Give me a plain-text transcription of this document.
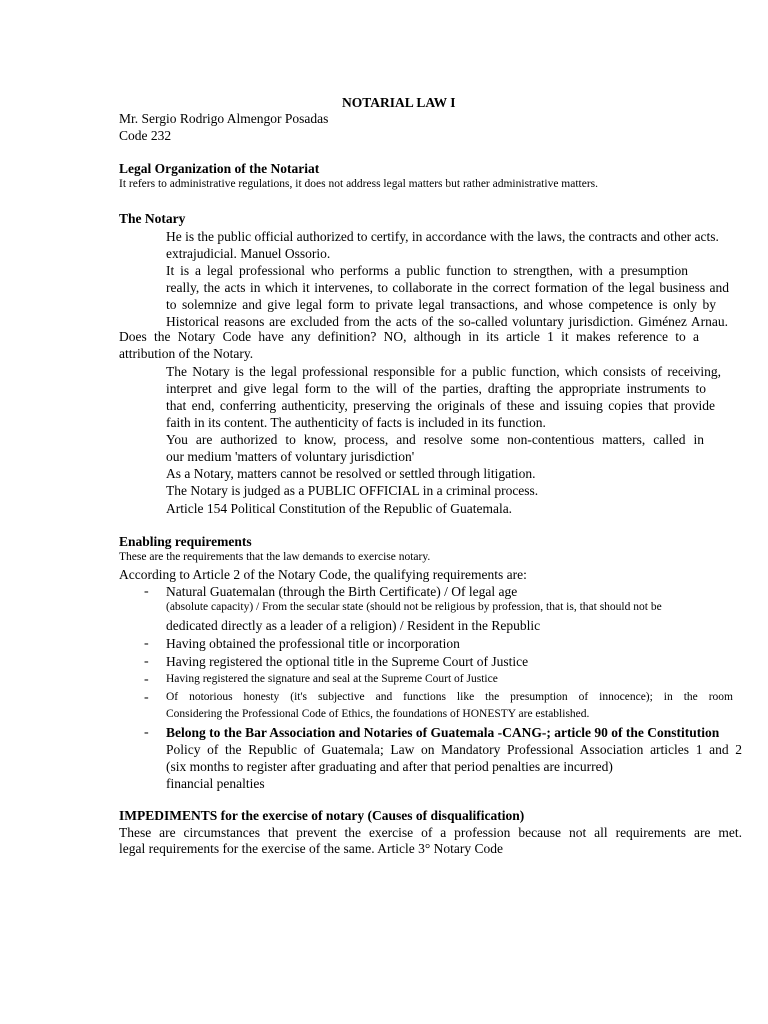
NOTARIAL LAW I
Mr. Sergio Rodrigo Almengor Posadas
Code 232
Legal Organization of the Notariat
It refers to administrative regulations, it does not address legal matters but rather administrative matters.
The Notary
He is the public official authorized to certify, in accordance with the laws, the contracts and other acts.
extrajudicial. Manuel Ossorio.
It is a legal professional who performs a public function to strengthen, with a presumption
really, the acts in which it intervenes, to collaborate in the correct formation of the legal business and
to solemnize and give legal form to private legal transactions, and whose competence is only by
Historical reasons are excluded from the acts of the so-called voluntary jurisdiction. Giménez Arnau.
Does the Notary Code have any definition? NO, although in its article 1 it makes reference to a
attribution of the Notary.
The Notary is the legal professional responsible for a public function, which consists of receiving,
interpret and give legal form to the will of the parties, drafting the appropriate instruments to
that end, conferring authenticity, preserving the originals of these and issuing copies that provide
faith in its content. The authenticity of facts is included in its function.
You are authorized to know, process, and resolve some non-contentious matters, called in
our medium 'matters of voluntary jurisdiction'
As a Notary, matters cannot be resolved or settled through litigation.
The Notary is judged as a PUBLIC OFFICIAL in a criminal process.
Article 154 Political Constitution of the Republic of Guatemala.
Enabling requirements
These are the requirements that the law demands to exercise notary.
According to Article 2 of the Notary Code, the qualifying requirements are:
- Natural Guatemalan (through the Birth Certificate) / Of legal age
(absolute capacity) / From the secular state (should not be religious by profession, that is, that should not be
dedicated directly as a leader of a religion) / Resident in the Republic
- Having obtained the professional title or incorporation
- Having registered the optional title in the Supreme Court of Justice
- Having registered the signature and seal at the Supreme Court of Justice
- Of notorious honesty (it's subjective and functions like the presumption of innocence); in the room
Considering the Professional Code of Ethics, the foundations of HONESTY are established.
- Belong to the Bar Association and Notaries of Guatemala -CANG-; article 90 of the Constitution
Policy of the Republic of Guatemala; Law on Mandatory Professional Association articles 1 and 2
(six months to register after graduating and after that period penalties are incurred)
financial penalties
IMPEDIMENTS for the exercise of notary (Causes of disqualification)
These are circumstances that prevent the exercise of a profession because not all requirements are met.
legal requirements for the exercise of the same. Article 3° Notary Code
